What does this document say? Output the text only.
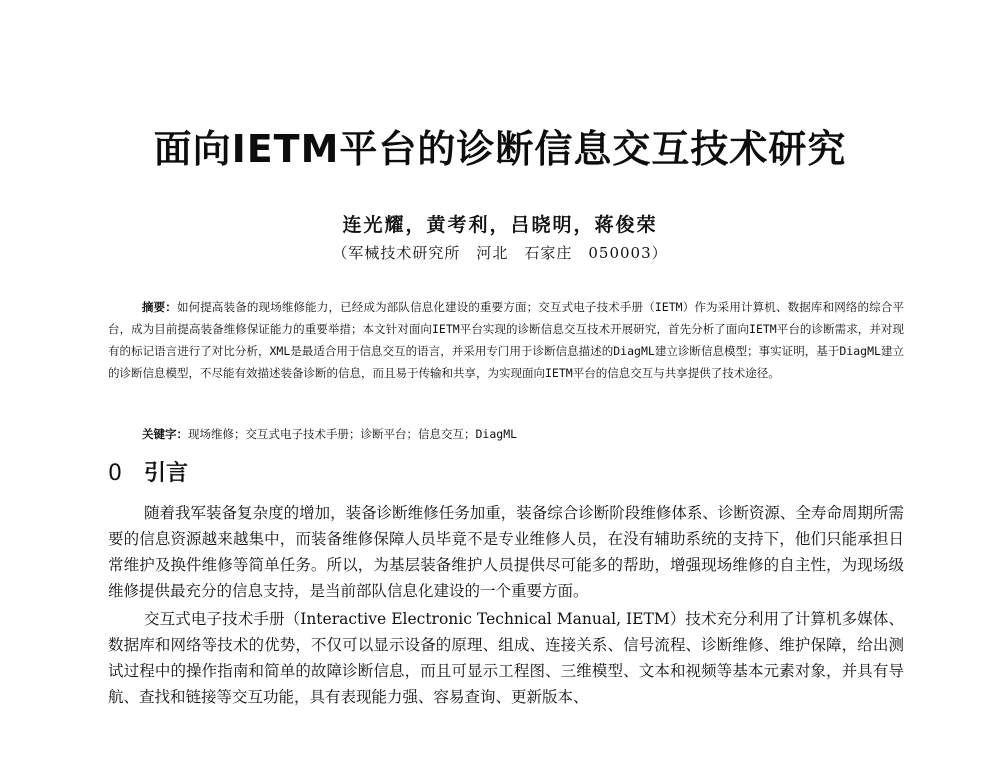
面向IETM平台的诊断信息交互技术研究
连光耀，黄考利，吕晓明，蒋俊荣
（军械技术研究所　河北　石家庄　050003）
摘要：如何提高装备的现场维修能力，已经成为部队信息化建设的重要方面；交互式电子技术手册（IETM）作为采用计算机、数据库和网络的综合平台，成为目前提高装备维修保证能力的重要举措；本文针对面向IETM平台实现的诊断信息交互技术开展研究，首先分析了面向IETM平台的诊断需求，并对现有的标记语言进行了对比分析，XML是最适合用于信息交互的语言，并采用专门用于诊断信息描述的DiagML建立诊断信息模型；事实证明，基于DiagML建立的诊断信息模型，不尽能有效描述装备诊断的信息，而且易于传输和共享，为实现面向IETM平台的信息交互与共享提供了技术途径。
关键字：现场维修；交互式电子技术手册；诊断平台；信息交互；DiagML
0 引言

随着我军装备复杂度的增加，装备诊断维修任务加重，装备综合诊断阶段维修体系、诊断资源、全寿命周期所需要的信息资源越来越集中，而装备维修保障人员毕竟不是专业维修人员，在没有辅助系统的支持下，他们只能承担日常维护及换件维修等简单任务。所以，为基层装备维护人员提供尽可能多的帮助，增强现场维修的自主性，为现场级维修提供最充分的信息支持，是当前部队信息化建设的一个重要方面。

交互式电子技术手册（Interactive Electronic Technical Manual, IETM）技术充分利用了计算机多媒体、数据库和网络等技术的优势，不仅可以显示设备的原理、组成、连接关系、信号流程、诊断维修、维护保障，给出测试过程中的操作指南和简单的故障诊断信息，而且可显示工程图、三维模型、文本和视频等基本元素对象，并具有导航、查找和链接等交互功能，具有表现能力强、容易查询、更新版本、
